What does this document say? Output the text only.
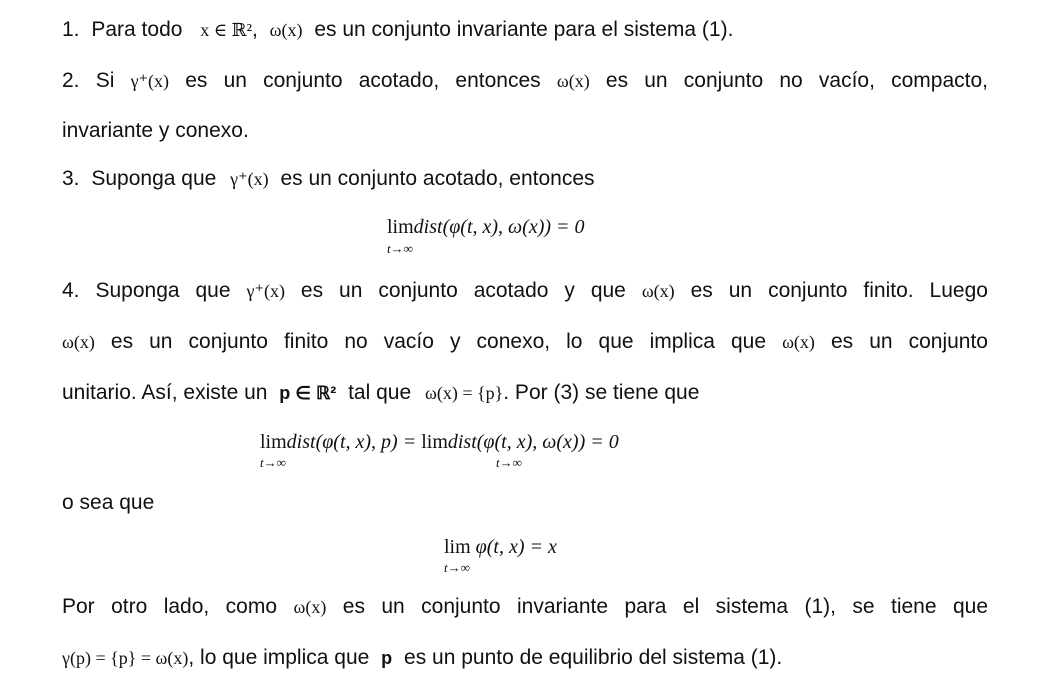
1. Para todo x ∈ ℝ², ω(x) es un conjunto invariante para el sistema (1).
2. Si γ⁺(x) es un conjunto acotado, entonces ω(x) es un conjunto no vacío, compacto,
invariante y conexo.
3. Suponga que γ⁺(x) es un conjunto acotado, entonces
limdist(φ(t, x), ω(x)) = 0
t→∞
4. Suponga que γ⁺(x) es un conjunto acotado y que ω(x) es un conjunto finito. Luego
ω(x) es un conjunto finito no vacío y conexo, lo que implica que ω(x) es un conjunto
unitario. Así, existe un p ∈ ℝ² tal que ω(x) = {p}. Por (3) se tiene que
limdist(φ(t, x), p) = limdist(φ(t, x), ω(x)) = 0
t→∞	t→∞
o sea que
lim φ(t, x) = x
t→∞
Por otro lado, como ω(x) es un conjunto invariante para el sistema (1), se tiene que
γ(p) = {p} = ω(x), lo que implica que p es un punto de equilibrio del sistema (1).
